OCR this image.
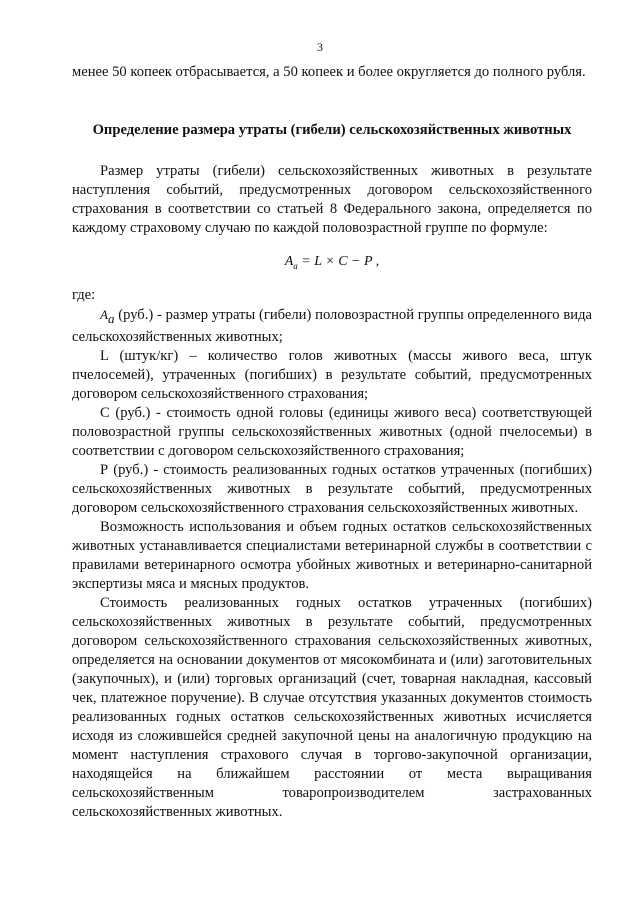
3

менее 50 копеек отбрасывается, а 50 копеек и более округляется до полного рубля.

Определение размера утраты (гибели) сельскохозяйственных животных

Размер утраты (гибели) сельскохозяйственных животных в результате наступления событий, предусмотренных договором сельскохозяйственного страхования в соответствии со статьей 8 Федерального закона, определяется по каждому страховому случаю по каждой половозрастной группе по формуле:

$A_a = L \times C - P$ ,

где:

$A_a$ (руб.) - размер утраты (гибели) половозрастной группы определенного вида сельскохозяйственных животных;

L (штук/кг) – количество голов животных (массы живого веса, штук пчелосемей), утраченных (погибших) в результате событий, предусмотренных договором сельскохозяйственного страхования;

С (руб.) - стоимость одной головы (единицы живого веса) соответствующей половозрастной группы сельскохозяйственных животных (одной пчелосемьи) в соответствии с договором сельскохозяйственного страхования;

Р (руб.) - стоимость реализованных годных остатков утраченных (погибших) сельскохозяйственных животных в результате событий, предусмотренных договором сельскохозяйственного страхования сельскохозяйственных животных.

Возможность использования и объем годных остатков сельскохозяйственных животных устанавливается специалистами ветеринарной службы в соответствии с правилами ветеринарного осмотра убойных животных и ветеринарно-санитарной экспертизы мяса и мясных продуктов.

Стоимость реализованных годных остатков утраченных (погибших) сельскохозяйственных животных в результате событий, предусмотренных договором сельскохозяйственного страхования сельскохозяйственных животных, определяется на основании документов от мясокомбината и (или) заготовительных (закупочных), и (или) торговых организаций (счет, товарная накладная, кассовый чек, платежное поручение). В случае отсутствия указанных документов стоимость реализованных годных остатков сельскохозяйственных животных исчисляется исходя из сложившейся средней закупочной цены на аналогичную продукцию на момент наступления страхового случая в торгово-закупочной организации, находящейся на ближайшем расстоянии от места выращивания сельскохозяйственным товаропроизводителем застрахованных сельскохозяйственных животных.
